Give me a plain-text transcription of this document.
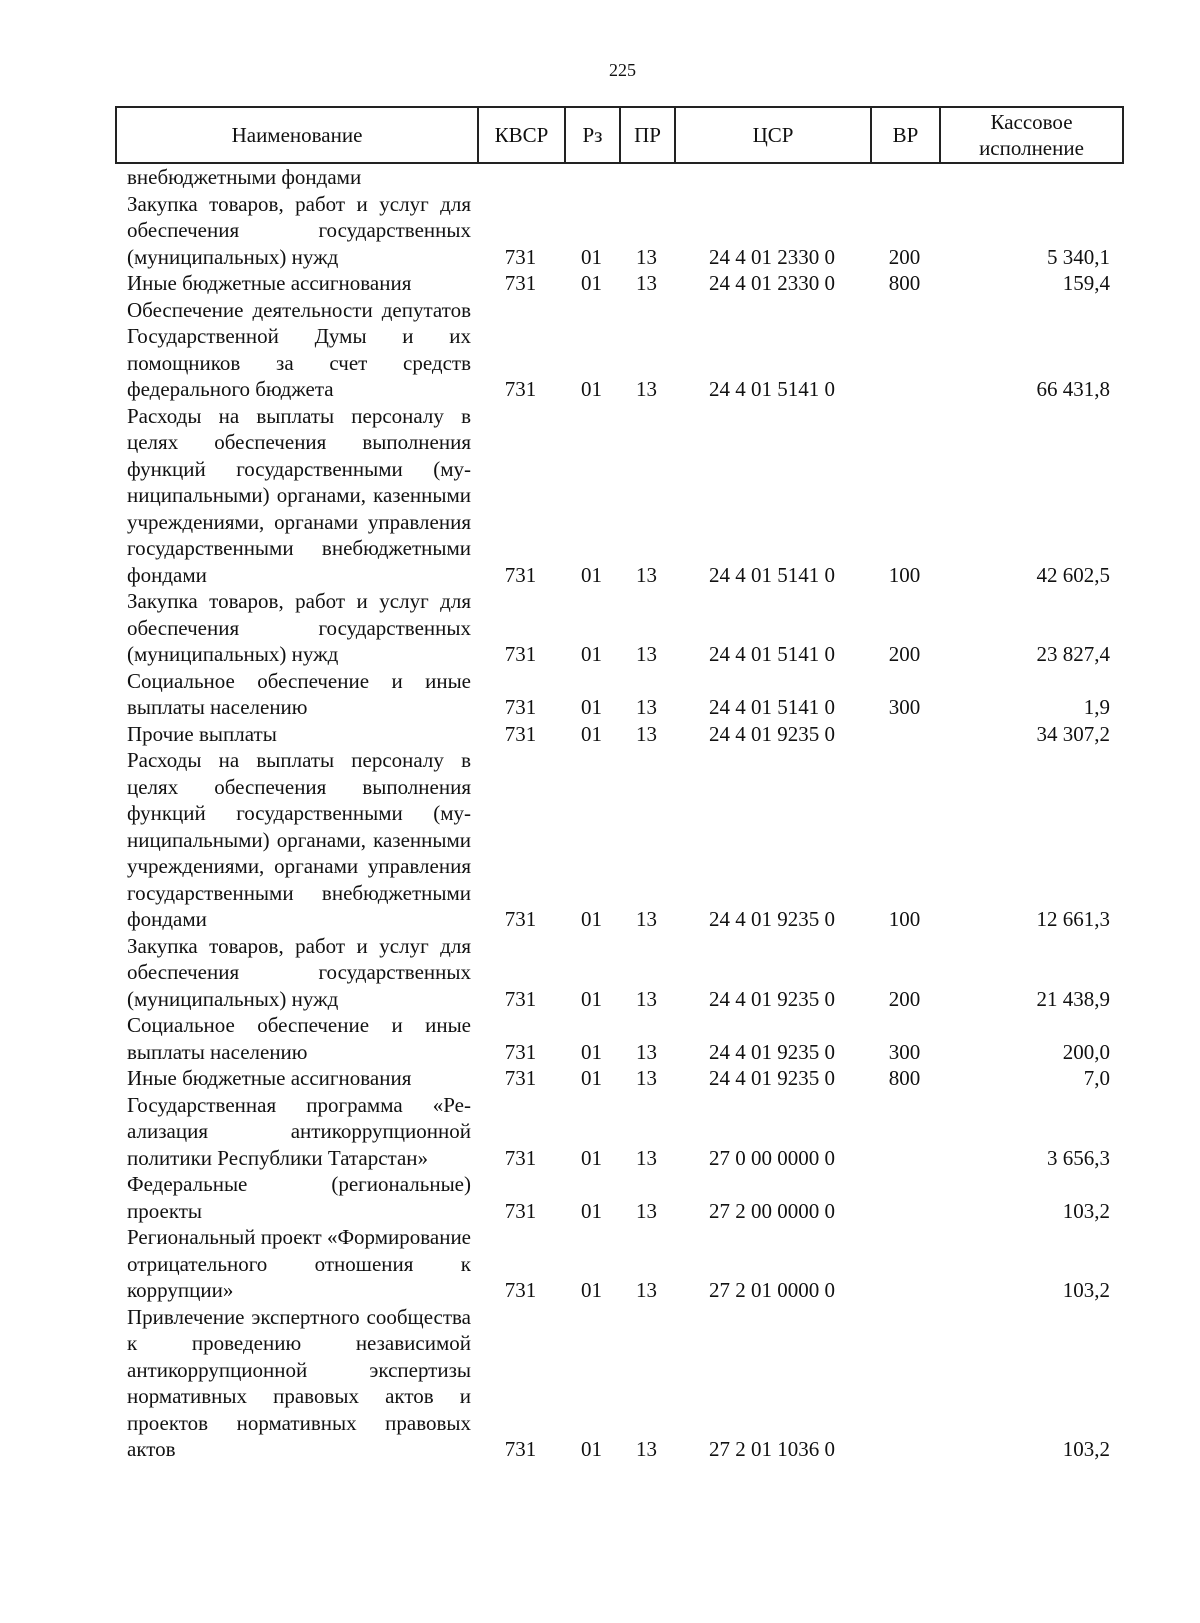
225
Наименование	КВСР	Рз	ПР	ЦСР	ВР	Кассовое исполнение
внебюджетными фондами						
Закупка товаров, работ и услуг для обеспечения государственных (муниципальных) нужд	731	01	13	24 4 01 2330 0	200	5 340,1
Иные бюджетные ассигнования	731	01	13	24 4 01 2330 0	800	159,4
Обеспечение деятельности депутатов Государственной Думы и их помощников за счет средств федерального бюджета	731	01	13	24 4 01 5141 0		66 431,8
Расходы на выплаты персоналу в целях обеспечения выполнения функций государственными (муниципальными) органами, казенными учреждениями, органами управления государственными внебюджетными фондами	731	01	13	24 4 01 5141 0	100	42 602,5
Закупка товаров, работ и услуг для обеспечения государственных (муниципальных) нужд	731	01	13	24 4 01 5141 0	200	23 827,4
Социальное обеспечение и иные выплаты населению	731	01	13	24 4 01 5141 0	300	1,9
Прочие выплаты	731	01	13	24 4 01 9235 0		34 307,2
Расходы на выплаты персоналу в целях обеспечения выполнения функций государственными (муниципальными) органами, казенными учреждениями, органами управления государственными внебюджетными фондами	731	01	13	24 4 01 9235 0	100	12 661,3
Закупка товаров, работ и услуг для обеспечения государственных (муниципальных) нужд	731	01	13	24 4 01 9235 0	200	21 438,9
Социальное обеспечение и иные выплаты населению	731	01	13	24 4 01 9235 0	300	200,0
Иные бюджетные ассигнования	731	01	13	24 4 01 9235 0	800	7,0
Государственная программа «Реализация антикоррупционной политики Республики Татарстан»	731	01	13	27 0 00 0000 0		3 656,3
Федеральные (региональные) проекты	731	01	13	27 2 00 0000 0		103,2
Региональный проект «Формирование отрицательного отношения к коррупции»	731	01	13	27 2 01 0000 0		103,2
Привлечение экспертного сообщества к проведению независимой антикоррупционной экспертизы нормативных правовых актов и проектов нормативных правовых актов	731	01	13	27 2 01 1036 0		103,2
